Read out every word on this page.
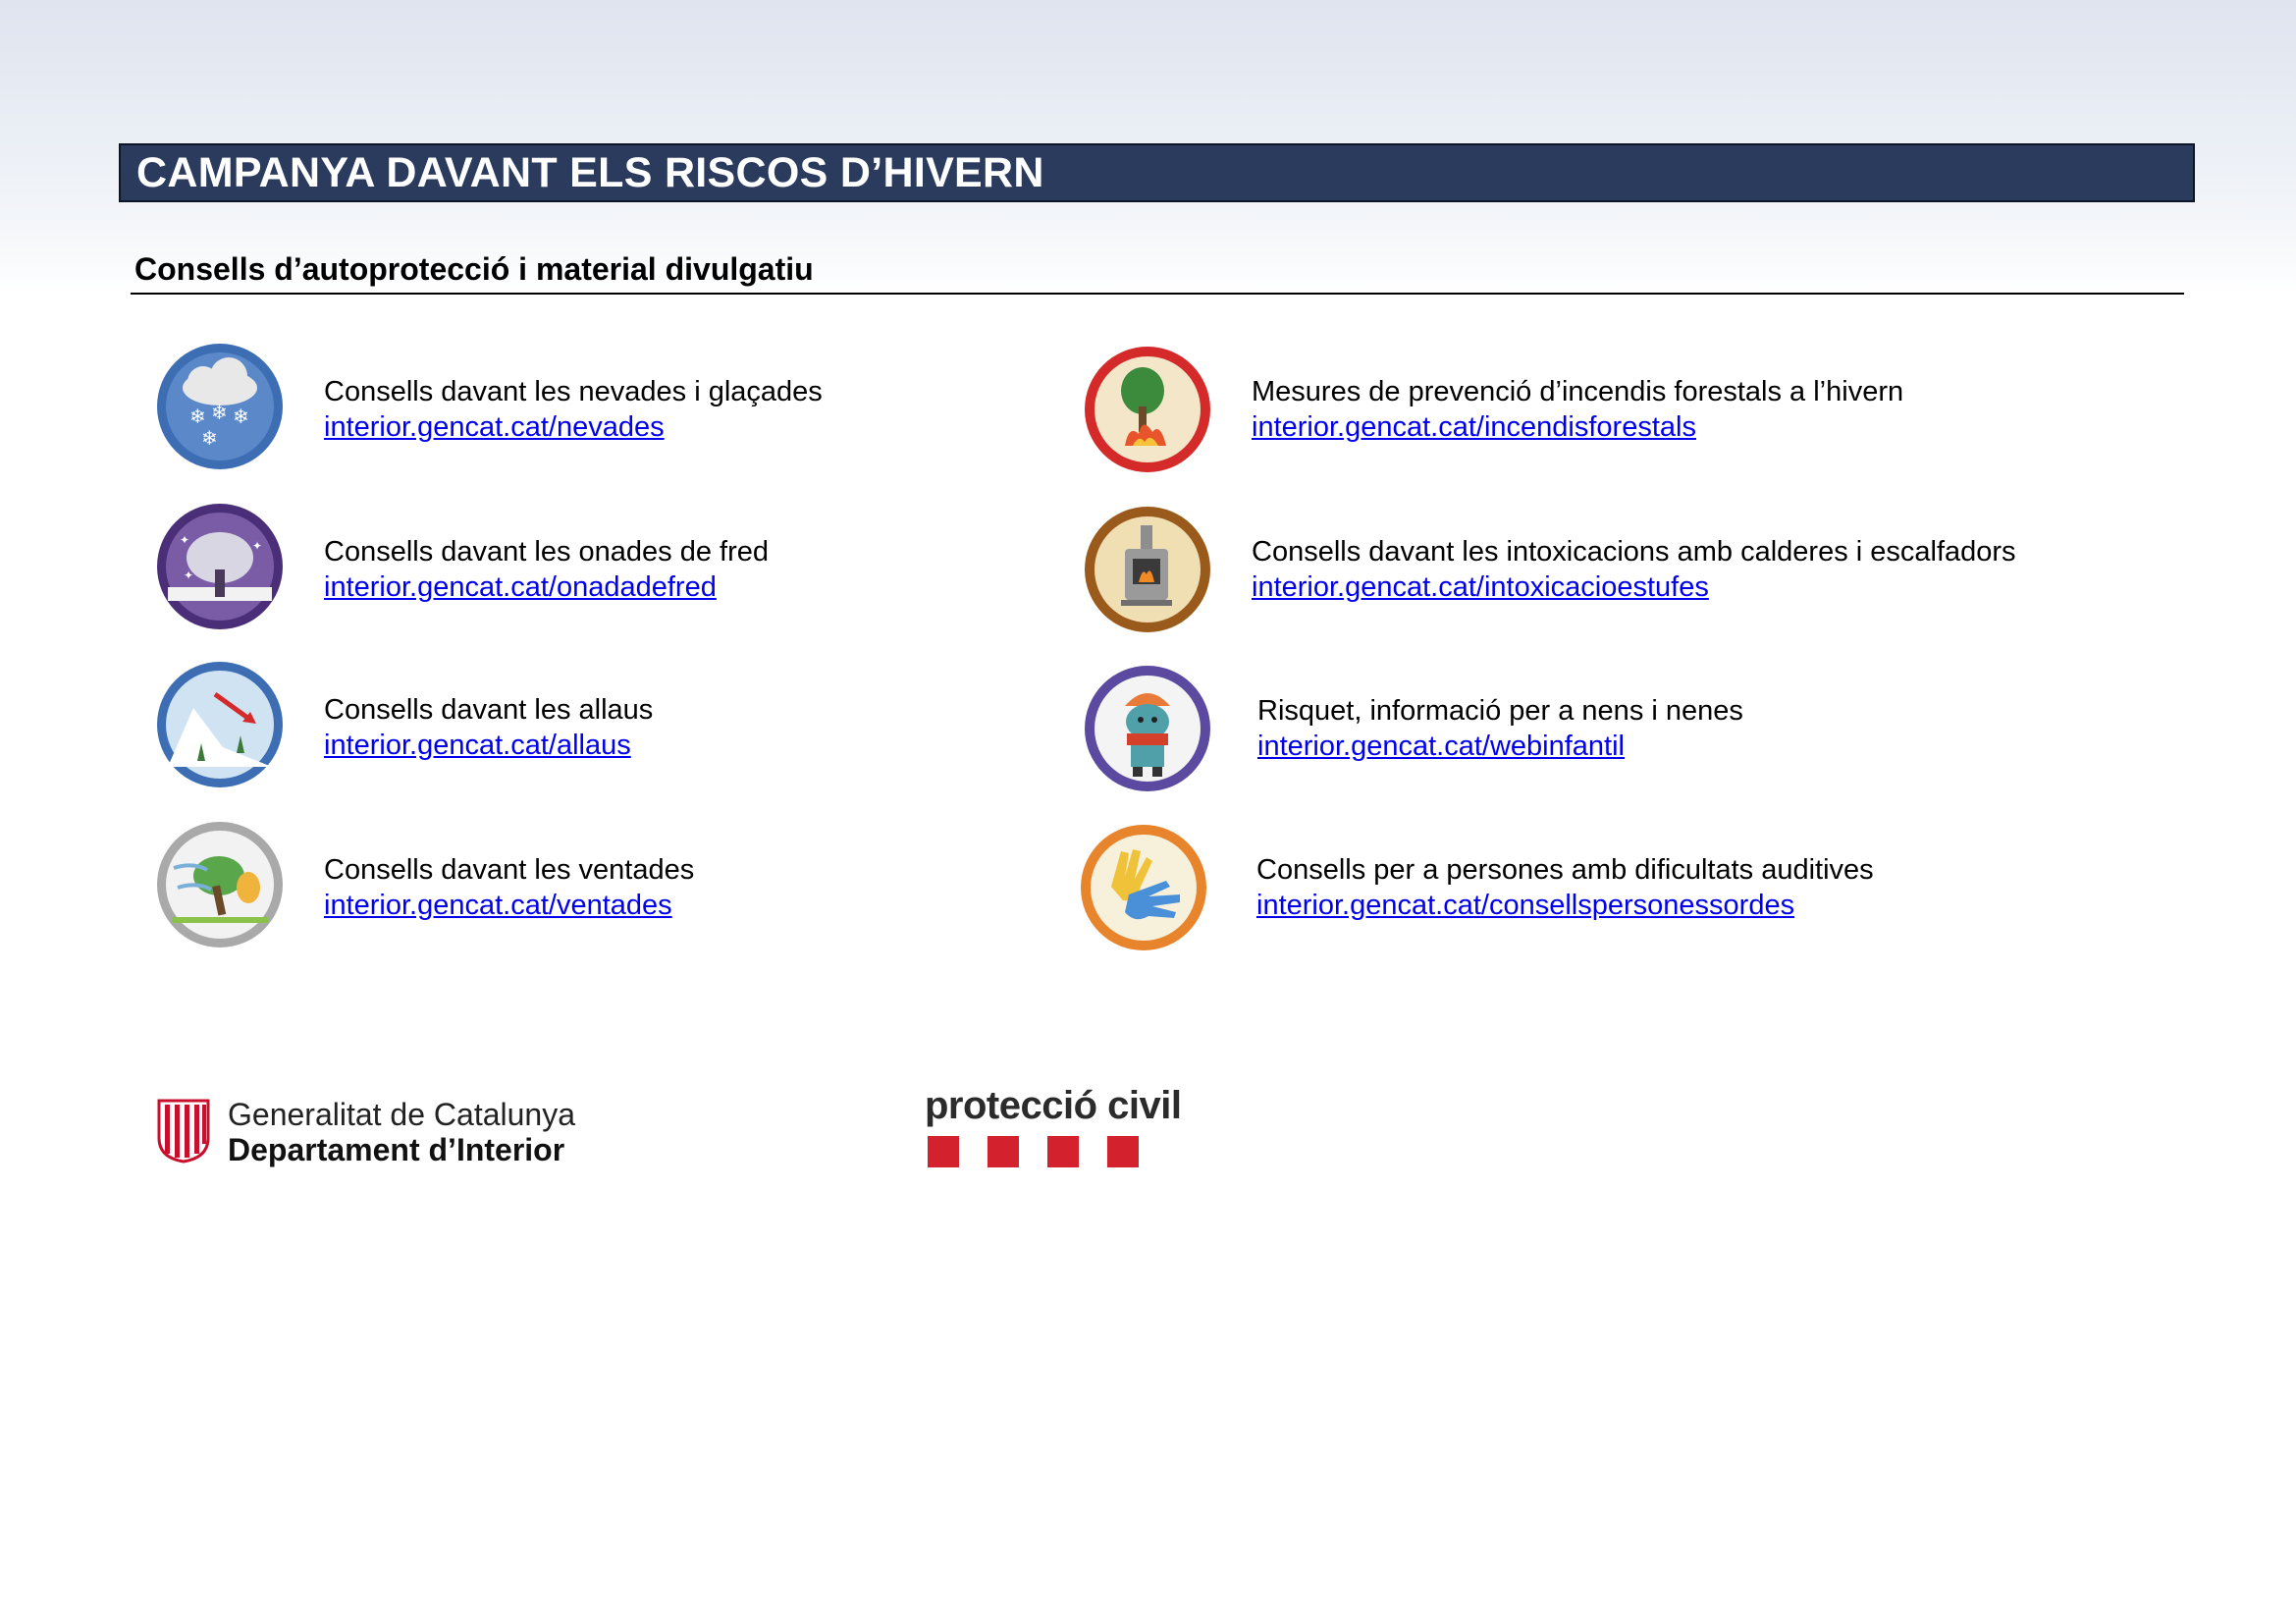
CAMPANYA DAVANT ELS RISCOS D’HIVERN
Consells d’autoprotecció i material divulgatiu
❄ ❄ ❄
❄
Consells davant les nevades i glaçades
interior.gencat.cat/nevades
✦	✦
✦
Consells davant les onades de fred
interior.gencat.cat/onadadefred
Consells davant les allaus
interior.gencat.cat/allaus
Consells davant les ventades
interior.gencat.cat/ventades
Mesures de prevenció d’incendis forestals a l’hivern
interior.gencat.cat/incendisforestals
Consells davant les intoxicacions amb calderes i escalfadors
interior.gencat.cat/intoxicacioestufes
Risquet, informació per a nens i nenes
interior.gencat.cat/webinfantil
Consells per a persones amb dificultats auditives
interior.gencat.cat/consellspersonessordes
Generalitat de Catalunya
Departament d’Interior
protecció civil
